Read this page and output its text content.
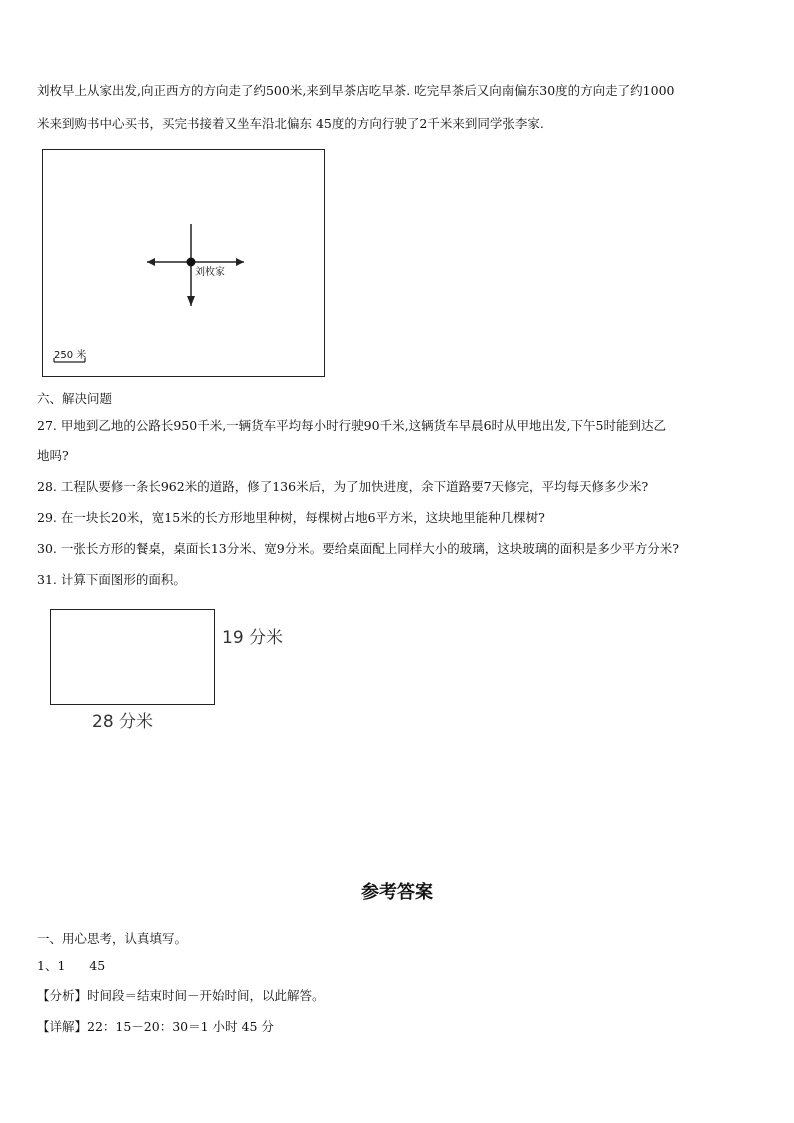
刘枚早上从家出发,向正西方的方向走了约500米,来到早茶店吃早茶. 吃完早茶后又向南偏东30度的方向走了约1000
米来到购书中心买书，买完书接着又坐车沿北偏东 45度的方向行驶了2千米来到同学张李家.
刘枚家
250 米
六、解决问题
27. 甲地到乙地的公路长950千米,一辆货车平均每小时行驶90千米,这辆货车早晨6时从甲地出发,下午5时能到达乙
地吗?
28. 工程队要修一条长962米的道路，修了136米后，为了加快进度，余下道路要7天修完，平均每天修多少米?
29. 在一块长20米，宽15米的长方形地里种树，每棵树占地6平方米，这块地里能种几棵树?
30. 一张长方形的餐桌，桌面长13分米、宽9分米。要给桌面配上同样大小的玻璃，这块玻璃的面积是多少平方分米?
31. 计算下面图形的面积。
19 分米
28 分米
参考答案
一、用心思考，认真填写。
1、1      45
【分析】时间段＝结束时间－开始时间，以此解答。
【详解】22：15－20：30＝1 小时 45 分
